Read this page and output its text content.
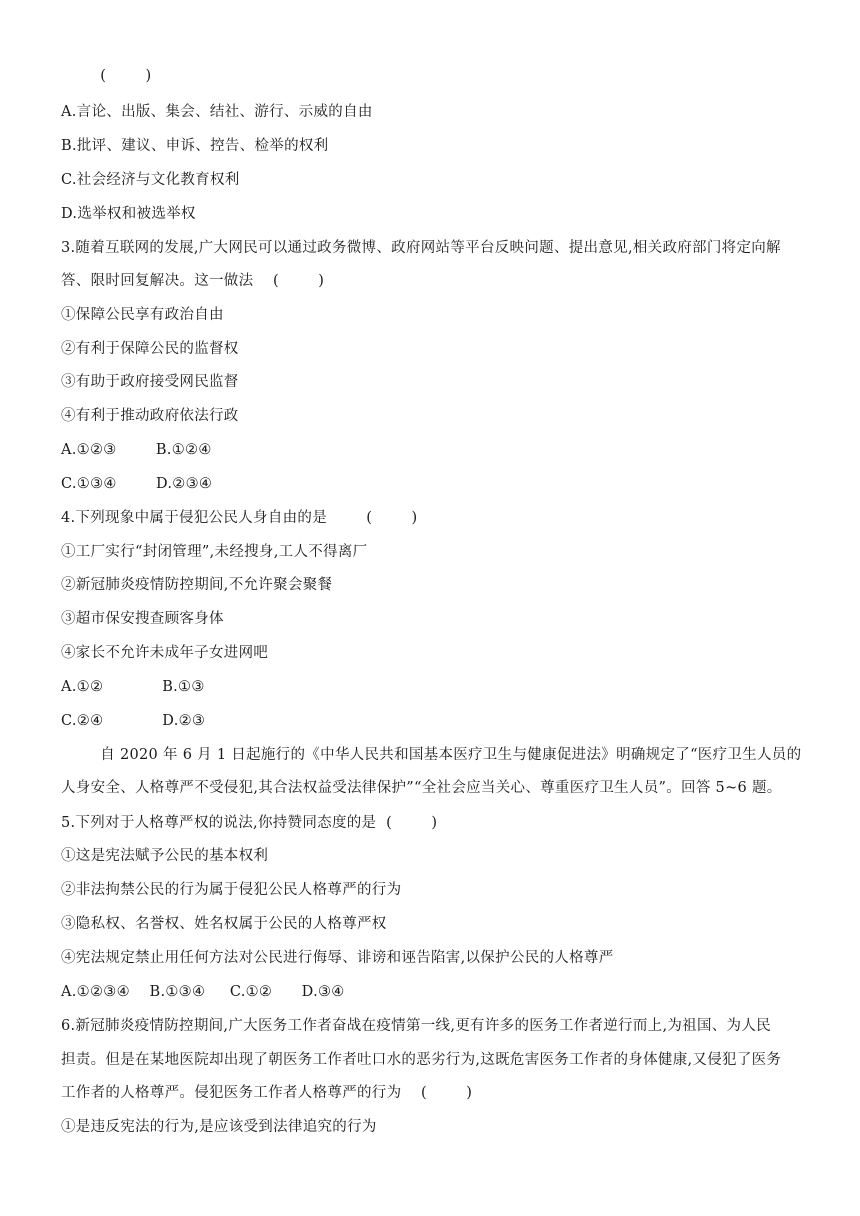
(        )
A.言论、出版、集会、结社、游行、示威的自由
B.批评、建议、申诉、控告、检举的权利
C.社会经济与文化教育权利
D.选举权和被选举权
3.随着互联网的发展,广大网民可以通过政务微博、政府网站等平台反映问题、提出意见,相关政府部门将定向解
答、限时回复解决。这一做法    (        )
①保障公民享有政治自由
②有利于保障公民的监督权
③有助于政府接受网民监督
④有利于推动政府依法行政
A.①②③        B.①②④
C.①③④        D.②③④
4.下列现象中属于侵犯公民人身自由的是        (        )
①工厂实行“封闭管理”,未经搜身,工人不得离厂
②新冠肺炎疫情防控期间,不允许聚会聚餐
③超市保安搜查顾客身体
④家长不允许未成年子女进网吧
A.①②            B.①③
C.②④            D.②③
自 2020 年 6 月 1 日起施行的《中华人民共和国基本医疗卫生与健康促进法》明确规定了“医疗卫生人员的
人身安全、人格尊严不受侵犯,其合法权益受法律保护”“全社会应当关心、尊重医疗卫生人员”。回答 5~6 题。
5.下列对于人格尊严权的说法,你持赞同态度的是  (        )
①这是宪法赋予公民的基本权利
②非法拘禁公民的行为属于侵犯公民人格尊严的行为
③隐私权、名誉权、姓名权属于公民的人格尊严权
④宪法规定禁止用任何方法对公民进行侮辱、诽谤和诬告陷害,以保护公民的人格尊严
A.①②③④    B.①③④     C.①②      D.③④
6.新冠肺炎疫情防控期间,广大医务工作者奋战在疫情第一线,更有许多的医务工作者逆行而上,为祖国、为人民
担责。但是在某地医院却出现了朝医务工作者吐口水的恶劣行为,这既危害医务工作者的身体健康,又侵犯了医务
工作者的人格尊严。侵犯医务工作者人格尊严的行为    (        )
①是违反宪法的行为,是应该受到法律追究的行为
